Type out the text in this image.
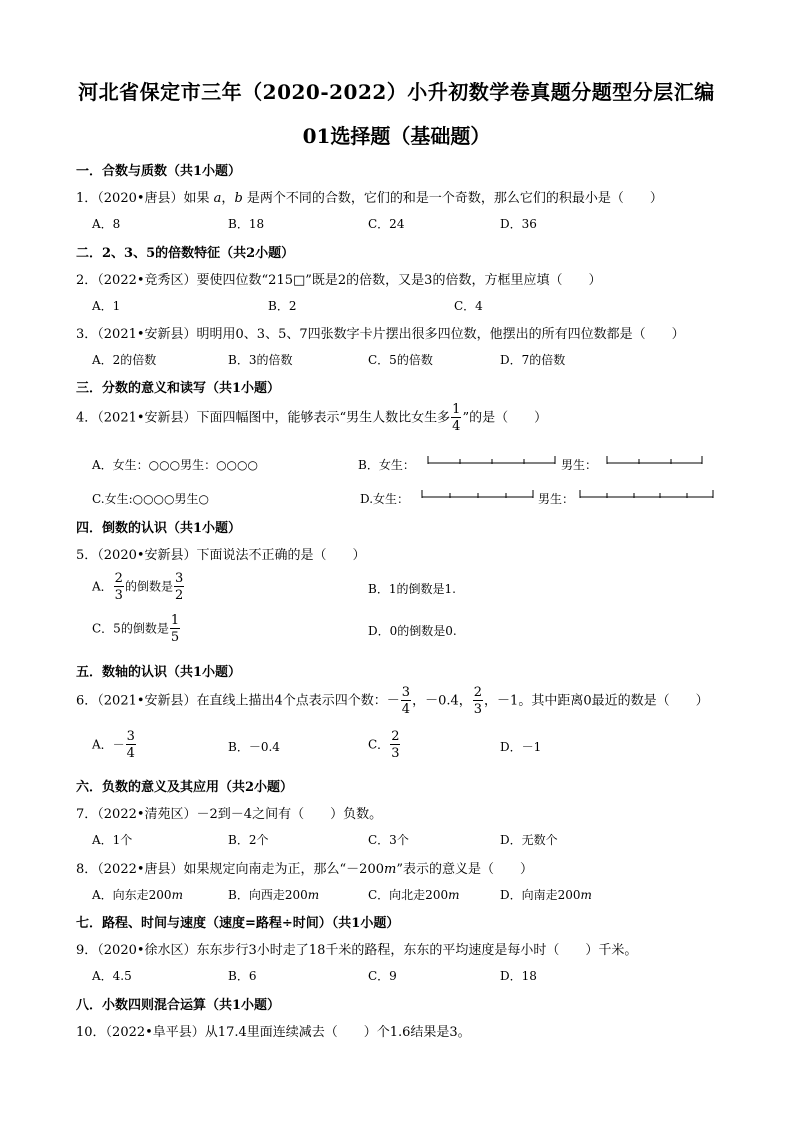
河北省保定市三年（2020-2022）小升初数学卷真题分题型分层汇编
01选择题（基础题）
一．合数与质数（共1小题）
1．（2020•唐县）如果 a，b 是两个不同的合数，它们的和是一个奇数，那么它们的积最小是（　　）
A．8	B．18	C．24	D．36
二．2、3、5的倍数特征（共2小题）
2．（2022•竞秀区）要使四位数“215□”既是2的倍数，又是3的倍数，方框里应填（　　）
A．1	B．2	C．4
3．（2021•安新县）明明用0、3、5、7四张数字卡片摆出很多四位数，他摆出的所有四位数都是（　　）
A．2的倍数	B．3的倍数	C．5的倍数	D．7的倍数
三．分数的意义和读写（共1小题）
4．（2021•安新县）下面四幅图中，能够表示“男生人数比女生多 $\frac{1}{4}$ ”的是（　　）
A．女生：○○○男生：○○○○	B．女生：	男生：
C.女生:○○○○男生○	D.女生：	男生：
四．倒数的认识（共1小题）
5．（2020•安新县）下面说法不正确的是（　　）
A． $\frac{2}{3}$ 的倒数是 $\frac{3}{2}$	B．1的倒数是1.
C．5的倒数是 $\frac{1}{5}$	D．0的倒数是0.
五．数轴的认识（共1小题）
6．（2021•安新县）在直线上描出4个点表示四个数：－ $\frac{3}{4}$ ，－0.4， $\frac{2}{3}$ ，－1。其中距离0最近的数是（　　）
A．－ $\frac{3}{4}$	B．－0.4	C． $\frac{2}{3}$	D．－1
六．负数的意义及其应用（共2小题）
7．（2022•清苑区）－2到－4之间有（　　）负数。
A．1个	B．2个	C．3个	D．无数个
8．（2022•唐县）如果规定向南走为正，那么“－200m”表示的意义是（　　）
A．向东走200m	B．向西走200m	C．向北走200m	D．向南走200m
七．路程、时间与速度（速度=路程÷时间）（共1小题）
9．（2020•徐水区）东东步行3小时走了18千米的路程，东东的平均速度是每小时（　　）千米。
A．4.5	B．6	C．9	D．18
八．小数四则混合运算（共1小题）
10．（2022•阜平县）从17.4里面连续减去（　　）个1.6结果是3。
